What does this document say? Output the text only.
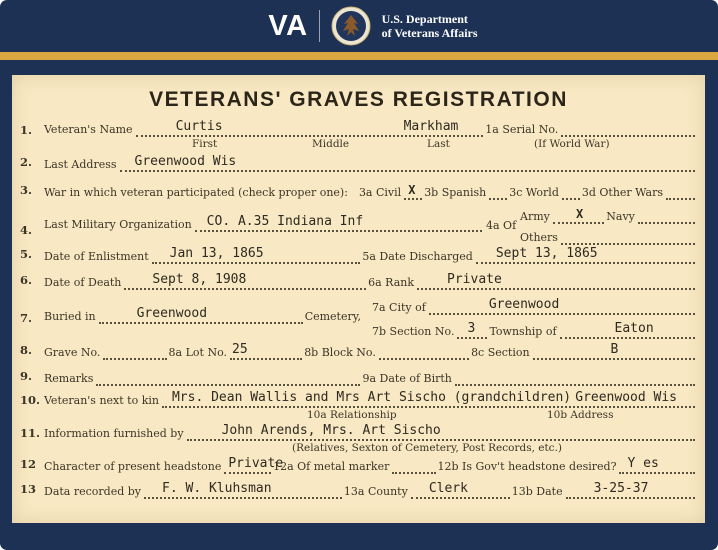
VA	U.S. Department
of Veterans Affairs
VETERANS' GRAVES REGISTRATION
1. Veteran's Name	Curtis	Markham 1a Serial No.
First	Middle	Last	(If World War)
2. Last Address Greenwood Wis
3. War in which veteran participated (check proper one): 3a Civil X 3b Spanish 3c World 3d Other Wars
4. Last Military Organization CO. A.35 Indiana Inf	4a Of
Army X Navy
Others
5. Date of Enlistment Jan 13, 1865	5a Date Discharged Sept 13, 1865
6. Date of Death Sept 8, 1908	6a Rank	Private
7. Buried in	Greenwood	Cemetery,
7a City of	Greenwood
7b Section No. 3 Township of	Eaton
8. Grave No.	8a Lot No. 25	8b Block No.	8c Section	B
9. Remarks	9a Date of Birth
10. Veteran's next to kin Mrs. Dean Wallis and Mrs Art Sischo (grandchildren) Greenwood Wis
10a Relationship	10b Address
11. Information furnished by	John Arends, Mrs. Art Sischo
(Relatives, Sexton of Cemetery, Post Records, etc.)
12 Character of present headstone Private
12a Of metal marker	12b Is Gov't headstone desired? Y es
13 Data recorded by F. W. Kluhsman	13a County Clerk	13b Date 3-25-37
